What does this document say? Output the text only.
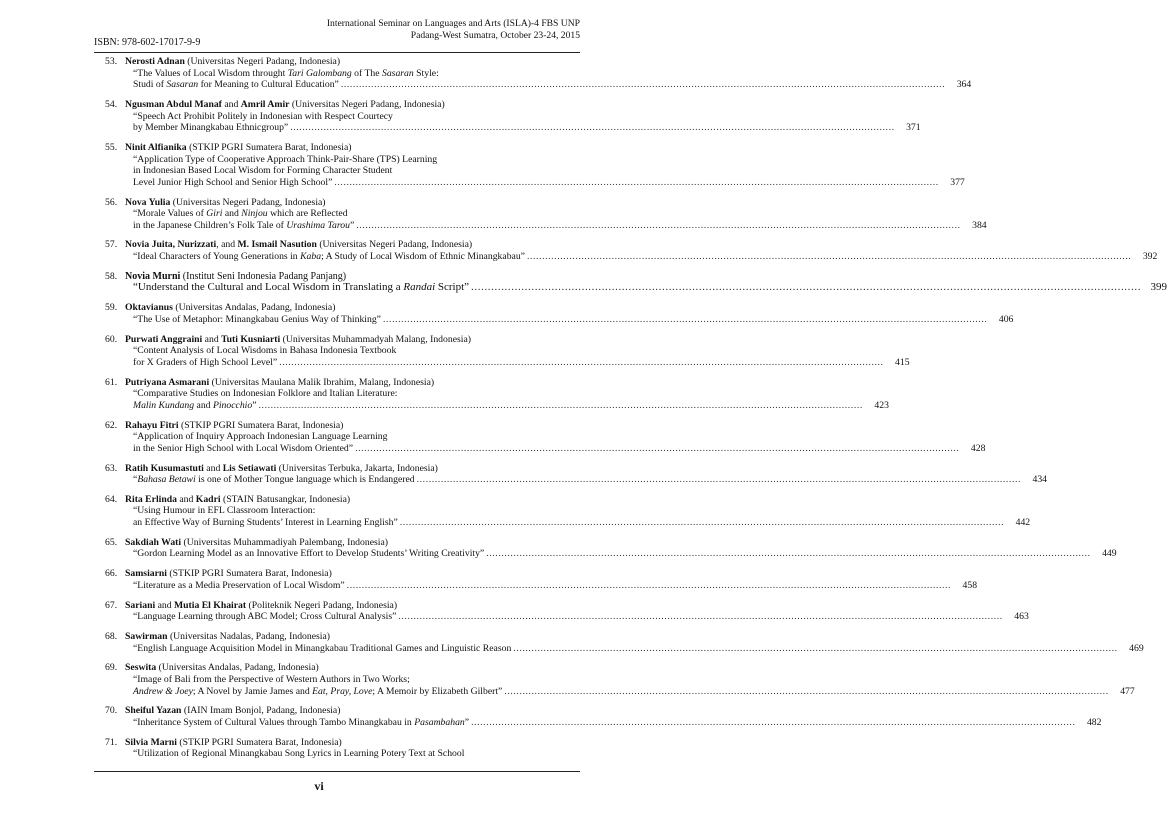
ISBN: 978-602-17017-9-9
International Seminar on Languages and Arts (ISLA)-4 FBS UNP
Padang-West Sumatra, October 23-24, 2015
53. Nerosti Adnan (Universitas Negeri Padang, Indonesia)
“The Values of Local Wisdom throught Tari Galombang of The Sasaran Style:
Studi of Sasaran for Meaning to Cultural Education” ........................................................................................................................................................................................................	364
54. Ngusman Abdul Manaf and Amril Amir (Universitas Negeri Padang, Indonesia)
“Speech Act Prohibit Politely in Indonesian with Respect Courtecy
by Member Minangkabau Ethnicgroup” ........................................................................................................................................................................................................	371
55. Ninit Alfianika (STKIP PGRI Sumatera Barat, Indonesia)
“Application Type of Cooperative Approach Think-Pair-Share (TPS) Learning
in Indonesian Based Local Wisdom for Forming Character Student
Level Junior High School and Senior High School” ........................................................................................................................................................................................................	377
56. Nova Yulia (Universitas Negeri Padang, Indonesia)
“Morale Values of Giri and Ninjou which are Reflected
in the Japanese Children’s Folk Tale of Urashima Tarou” ........................................................................................................................................................................................................	384
57. Novia Juita, Nurizzati, and M. Ismail Nasution (Universitas Negeri Padang, Indonesia)
“Ideal Characters of Young Generations in Kaba; A Study of Local Wisdom of Ethnic Minangkabau” ........................................................................................................................................................................................................	392
58. Novia Murni (Institut Seni Indonesia Padang Panjang)
“Understand the Cultural and Local Wisdom in Translating a Randai Script” ........................................................................................................................................................................................................ 399
59. Oktavianus (Universitas Andalas, Padang, Indonesia)
“The Use of Metaphor: Minangkabau Genius Way of Thinking” ........................................................................................................................................................................................................	406
60. Purwati Anggraini and Tuti Kusniarti (Universitas Muhammadyah Malang, Indonesia)
“Content Analysis of Local Wisdoms in Bahasa Indonesia Textbook
for X Graders of High School Level” ........................................................................................................................................................................................................	415
61. Putriyana Asmarani (Universitas Maulana Malik Ibrahim, Malang, Indonesia)
“Comparative Studies on Indonesian Folklore and Italian Literature:
Malin Kundang and Pinocchio” ........................................................................................................................................................................................................	423
62. Rahayu Fitri (STKIP PGRI Sumatera Barat, Indonesia)
“Application of Inquiry Approach Indonesian Language Learning
in the Senior High School with Local Wisdom Oriented” ........................................................................................................................................................................................................	428
63. Ratih Kusumastuti and Lis Setiawati (Universitas Terbuka, Jakarta, Indonesia)
“Bahasa Betawi is one of Mother Tongue language which is Endangered ........................................................................................................................................................................................................	434
64. Rita Erlinda and Kadri (STAIN Batusangkar, Indonesia)
“Using Humour in EFL Classroom Interaction:
an Effective Way of Burning Students’ Interest in Learning English” ........................................................................................................................................................................................................	442
65. Sakdiah Wati (Universitas Muhammadiyah Palembang, Indonesia)
“Gordon Learning Model as an Innovative Effort to Develop Students’ Writing Creativity” ........................................................................................................................................................................................................	449
66. Samsiarni (STKIP PGRI Sumatera Barat, Indonesia)
“Literature as a Media Preservation of Local Wisdom” ........................................................................................................................................................................................................	458
67. Sariani and Mutia El Khairat (Politeknik Negeri Padang, Indonesia)
“Language Learning through ABC Model; Cross Cultural Analysis” ........................................................................................................................................................................................................	463
68. Sawirman (Universitas Nadalas, Padang, Indonesia)
“English Language Acquisition Model in Minangkabau Traditional Games and Linguistic Reason ........................................................................................................................................................................................................	469
69. Seswita (Universitas Andalas, Padang, Indonesia)
“Image of Bali from the Perspective of Western Authors in Two Works;
Andrew & Joey; A Novel by Jamie James and Eat, Pray, Love; A Memoir by Elizabeth Gilbert” ........................................................................................................................................................................................................	477
70. Sheiful Yazan (IAIN Imam Bonjol, Padang, Indonesia)
“Inheritance System of Cultural Values through Tambo Minangkabau in Pasambahan” ........................................................................................................................................................................................................	482
71. Silvia Marni (STKIP PGRI Sumatera Barat, Indonesia)
“Utilization of Regional Minangkabau Song Lyrics in Learning Potery Text at School
vi
